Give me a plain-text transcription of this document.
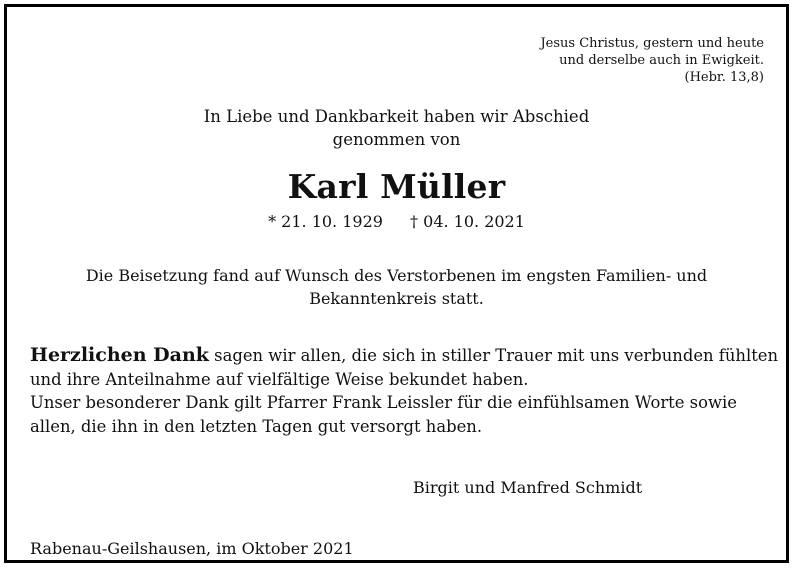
Jesus Christus, gestern und heute

und derselbe auch in Ewigkeit.

(Hebr. 13,8)

In Liebe und Dankbarkeit haben wir Abschied

genommen von

Karl Müller
* 21. 10. 1929 † 04. 10. 2021

Die Beisetzung fand auf Wunsch des Verstorbenen im engsten Familien- und

Bekanntenkreis statt.

Herzlichen Dank sagen wir allen, die sich in stiller Trauer mit uns verbunden fühlten

und ihre Anteilnahme auf vielfältige Weise bekundet haben.

Unser besonderer Dank gilt Pfarrer Frank Leissler für die einfühlsamen Worte sowie

allen, die ihn in den letzten Tagen gut versorgt haben.

Birgit und Manfred Schmidt
Rabenau-Geilshausen, im Oktober 2021
